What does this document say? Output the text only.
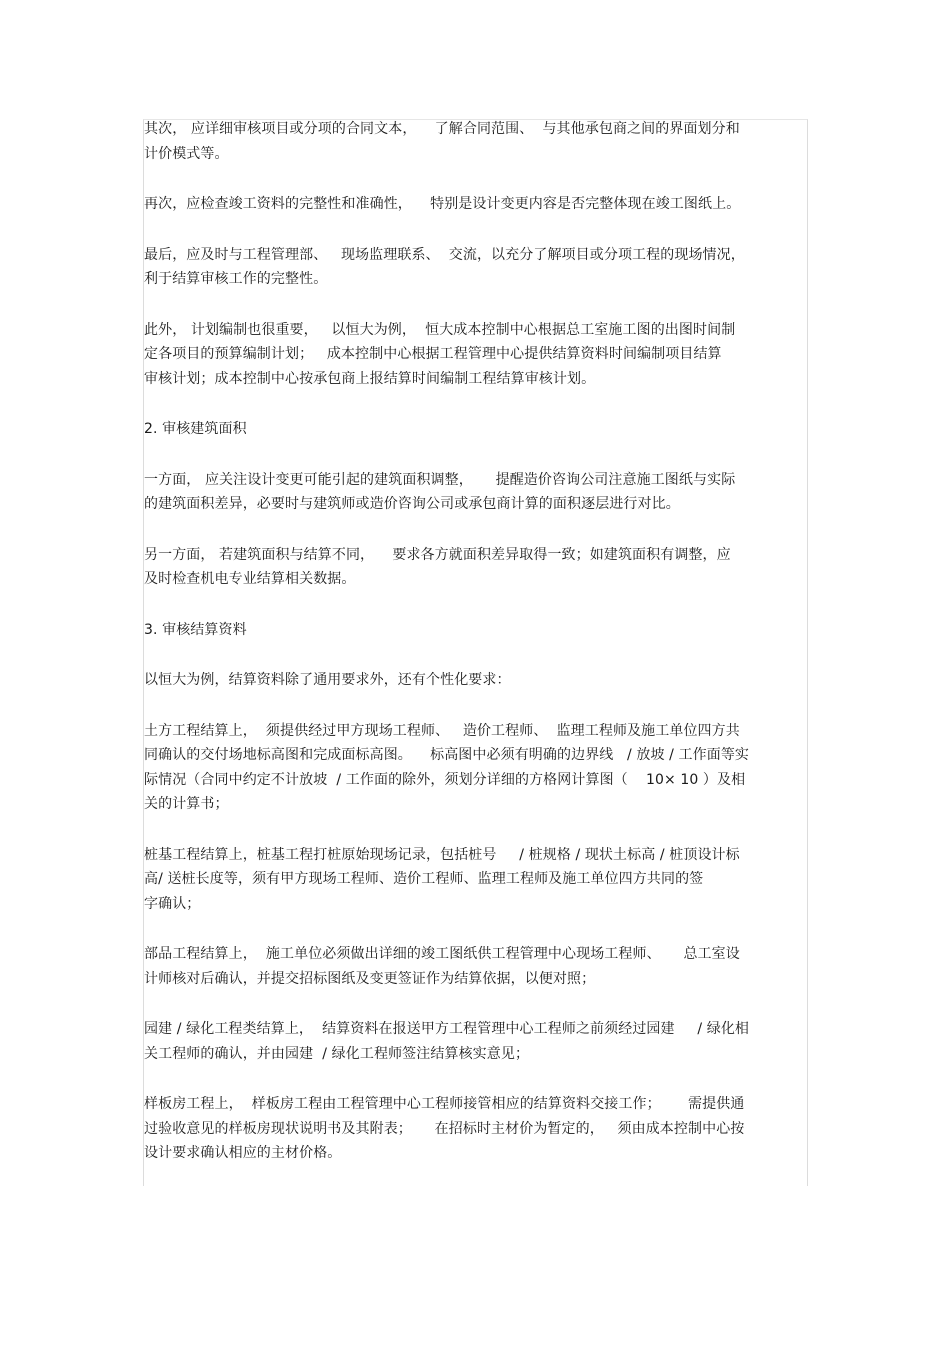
其次， 应详细审核项目或分项的合同文本，    了解合同范围、  与其他承包商之间的界面划分和
计价模式等。

再次，应检查竣工资料的完整性和准确性，    特别是设计变更内容是否完整体现在竣工图纸上。

最后，应及时与工程管理部、   现场监理联系、  交流，以充分了解项目或分项工程的现场情况，
利于结算审核工作的完整性。

此外， 计划编制也很重要，   以恒大为例，  恒大成本控制中心根据总工室施工图的出图时间制
定各项目的预算编制计划；   成本控制中心根据工程管理中心提供结算资料时间编制项目结算
审核计划；成本控制中心按承包商上报结算时间编制工程结算审核计划。

2. 审核建筑面积

一方面， 应关注设计变更可能引起的建筑面积调整，     提醒造价咨询公司注意施工图纸与实际
的建筑面积差异，必要时与建筑师或造价咨询公司或承包商计算的面积逐层进行对比。

另一方面， 若建筑面积与结算不同，    要求各方就面积差异取得一致；如建筑面积有调整，应
及时检查机电专业结算相关数据。

3. 审核结算资料

以恒大为例，结算资料除了通用要求外，还有个性化要求：

土方工程结算上，  须提供经过甲方现场工程师、   造价工程师、  监理工程师及施工单位四方共
同确认的交付场地标高图和完成面标高图。    标高图中必须有明确的边界线   / 放坡 / 工作面等实
际情况（合同中约定不计放坡  / 工作面的除外，须划分详细的方格网计算图（    10× 10 ）及相
关的计算书；

桩基工程结算上，桩基工程打桩原始现场记录，包括桩号     / 桩规格 / 现状土标高 / 桩顶设计标
高/ 送桩长度等，须有甲方现场工程师、造价工程师、监理工程师及施工单位四方共同的签
字确认；

部品工程结算上，  施工单位必须做出详细的竣工图纸供工程管理中心现场工程师、     总工室设
计师核对后确认，并提交招标图纸及变更签证作为结算依据，以便对照；

园建 / 绿化工程类结算上，  结算资料在报送甲方工程管理中心工程师之前须经过园建     / 绿化相
关工程师的确认，并由园建  / 绿化工程师签注结算核实意见；

样板房工程上，  样板房工程由工程管理中心工程师接管相应的结算资料交接工作；      需提供通
过验收意见的样板房现状说明书及其附表；     在招标时主材价为暂定的，   须由成本控制中心按
设计要求确认相应的主材价格。
